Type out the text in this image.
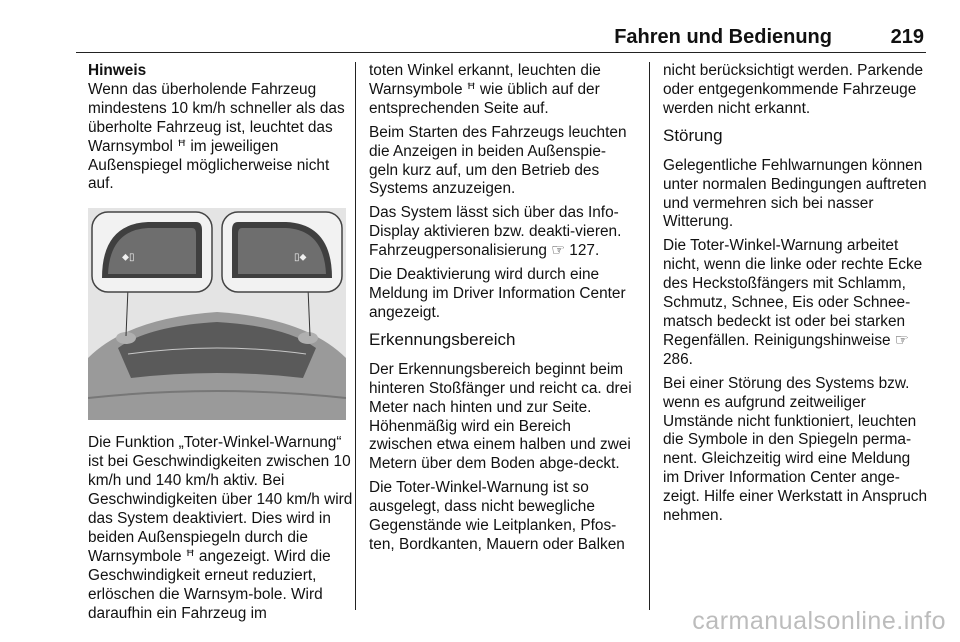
Fahren und Bedienung	219

Hinweis

Wenn das überholende Fahrzeug mindestens 10 km/h schneller als das überholte Fahrzeug ist, leuchtet das Warnsymbol ꟸ im jeweiligen Außenspiegel möglicherweise nicht auf.

⬥▯	▯⬥

Die Funktion „Toter-Winkel-Warnung“ ist bei Geschwindigkeiten zwischen 10 km/h und 140 km/h aktiv. Bei Geschwindigkeiten über 140 km/h wird das System deaktiviert. Dies wird in beiden Außenspiegeln durch die Warnsymbole ꟸ angezeigt. Wird die Geschwindigkeit erneut reduziert, erlöschen die Warnsym-bole. Wird daraufhin ein Fahrzeug im

toten Winkel erkannt, leuchten die Warnsymbole ꟸ wie üblich auf der entsprechenden Seite auf.

Beim Starten des Fahrzeugs leuchten die Anzeigen in beiden Außenspie-geln kurz auf, um den Betrieb des Systems anzuzeigen.

Das System lässt sich über das Info-Display aktivieren bzw. deakti-vieren. Fahrzeugpersonalisierung ☞ 127.

Die Deaktivierung wird durch eine Meldung im Driver Information Center angezeigt.

Erkennungsbereich

Der Erkennungsbereich beginnt beim hinteren Stoßfänger und reicht ca. drei Meter nach hinten und zur Seite. Höhenmäßig wird ein Bereich zwischen etwa einem halben und zwei Metern über dem Boden abge-deckt.

Die Toter-Winkel-Warnung ist so ausgelegt, dass nicht bewegliche Gegenstände wie Leitplanken, Pfos-ten, Bordkanten, Mauern oder Balken

nicht berücksichtigt werden. Parkende oder entgegenkommende Fahrzeuge werden nicht erkannt.

Störung

Gelegentliche Fehlwarnungen können unter normalen Bedingungen auftreten und vermehren sich bei nasser Witterung.

Die Toter-Winkel-Warnung arbeitet nicht, wenn die linke oder rechte Ecke des Heckstoßfängers mit Schlamm, Schmutz, Schnee, Eis oder Schnee-matsch bedeckt ist oder bei starken Regenfällen. Reinigungshinweise ☞ 286.

Bei einer Störung des Systems bzw. wenn es aufgrund zeitweiliger Umstände nicht funktioniert, leuchten die Symbole in den Spiegeln perma-nent. Gleichzeitig wird eine Meldung im Driver Information Center ange-zeigt. Hilfe einer Werkstatt in Anspruch nehmen.

carmanualsonline.info
